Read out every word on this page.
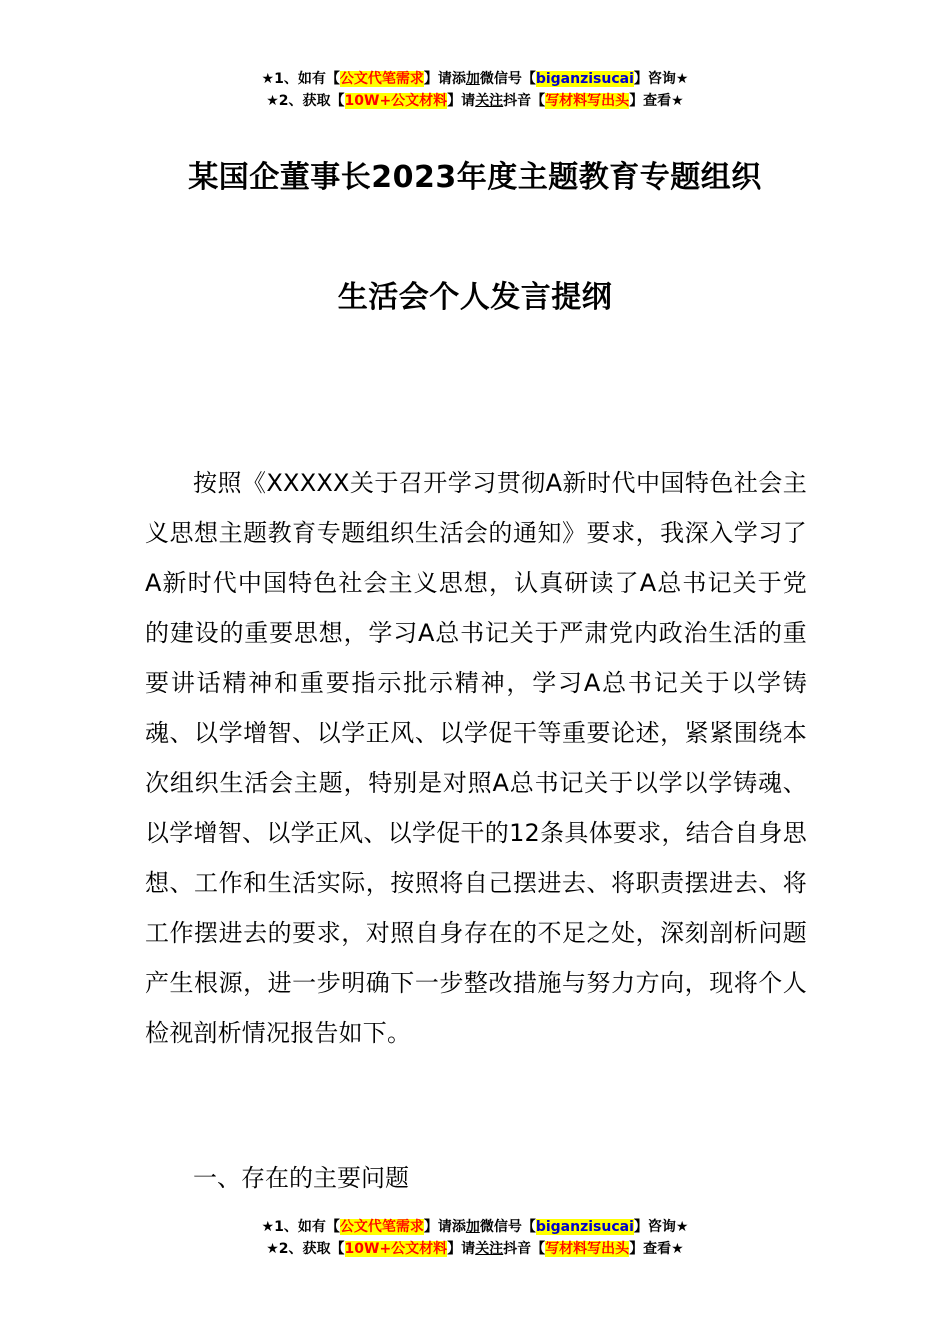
★1、如有【公文代笔需求】请添加微信号【biganzisucai】咨询★
★2、获取【10W+公文材料】请关注抖音【写材料写出头】查看★
某国企董事长2023年度主题教育专题组织
生活会个人发言提纲

按照《XXXXX关于召开学习贯彻A新时代中国特色社会主义思想主题教育专题组织生活会的通知》要求，我深入学习了A新时代中国特色社会主义思想，认真研读了A总书记关于党的建设的重要思想，学习A总书记关于严肃党内政治生活的重要讲话精神和重要指示批示精神，学习A总书记关于以学铸魂、以学增智、以学正风、以学促干等重要论述，紧紧围绕本次组织生活会主题，特别是对照A总书记关于以学以学铸魂、以学增智、以学正风、以学促干的12条具体要求，结合自身思想、工作和生活实际，按照将自己摆进去、将职责摆进去、将工作摆进去的要求，对照自身存在的不足之处，深刻剖析问题产生根源，进一步明确下一步整改措施与努力方向，现将个人检视剖析情况报告如下。

一、存在的主要问题
★1、如有【公文代笔需求】请添加微信号【biganzisucai】咨询★
★2、获取【10W+公文材料】请关注抖音【写材料写出头】查看★
